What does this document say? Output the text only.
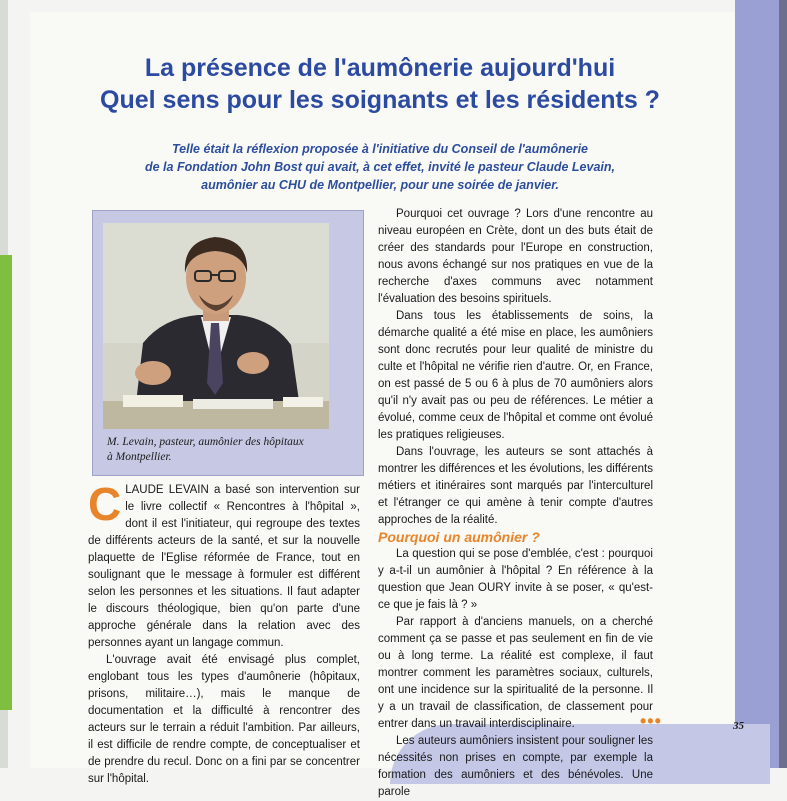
La présence de l'aumônerie aujourd'hui
Quel sens pour les soignants et les résidents ?
Telle était la réflexion proposée à l'initiative du Conseil de l'aumônerie
de la Fondation John Bost qui avait, à cet effet, invité le pasteur Claude Levain,
aumônier au CHU de Montpellier, pour une soirée de janvier.
M. Levain, pasteur, aumônier des hôpitaux
à Montpellier.

CLAUDE LEVAIN a basé son intervention sur le livre collectif « Rencontres à l'hôpital », dont il est l'initiateur, qui regroupe des textes de différents acteurs de la santé, et sur la nouvelle plaquette de l'Eglise réformée de France, tout en soulignant que le message à formuler est différent selon les personnes et les situations. Il faut adapter le discours théologique, bien qu'on parte d'une approche générale dans la relation avec des personnes ayant un langage commun.

L'ouvrage avait été envisagé plus complet, englobant tous les types d'aumônerie (hôpitaux, prisons, militaire…), mais le manque de documentation et la difficulté à rencontrer des acteurs sur le terrain a réduit l'ambition. Par ailleurs, il est difficile de rendre compte, de conceptualiser et de prendre du recul. Donc on a fini par se concentrer sur l'hôpital.

Pourquoi cet ouvrage ? Lors d'une rencontre au niveau européen en Crète, dont un des buts était de créer des standards pour l'Europe en construction, nous avons échangé sur nos pratiques en vue de la recherche d'axes communs avec notamment l'évaluation des besoins spirituels.

Dans tous les établissements de soins, la démarche qualité a été mise en place, les aumôniers sont donc recrutés pour leur qualité de ministre du culte et l'hôpital ne vérifie rien d'autre. Or, en France, on est passé de 5 ou 6 à plus de 70 aumôniers alors qu'il n'y avait pas ou peu de références. Le métier a évolué, comme ceux de l'hôpital et comme ont évolué les pratiques religieuses.

Dans l'ouvrage, les auteurs se sont attachés à montrer les différences et les évolutions, les différents métiers et itinéraires sont marqués par l'interculturel et l'étranger ce qui amène à tenir compte d'autres approches de la réalité.

Pourquoi un aumônier ?

La question qui se pose d'emblée, c'est : pourquoi y a-t-il un aumônier à l'hôpital ? En référence à la question que Jean OURY invite à se poser, « qu'est-ce que je fais là ? »

Par rapport à d'anciens manuels, on a cherché comment ça se passe et pas seulement en fin de vie ou à long terme. La réalité est complexe, il faut montrer comment les paramètres sociaux, culturels, ont une incidence sur la spiritualité de la personne. Il y a un travail de classification, de classement pour entrer dans un travail interdisciplinaire.

Les auteurs aumôniers insistent pour souligner les nécessités non prises en compte, par exemple la formation des aumôniers et des bénévoles. Une parole

•••	35
